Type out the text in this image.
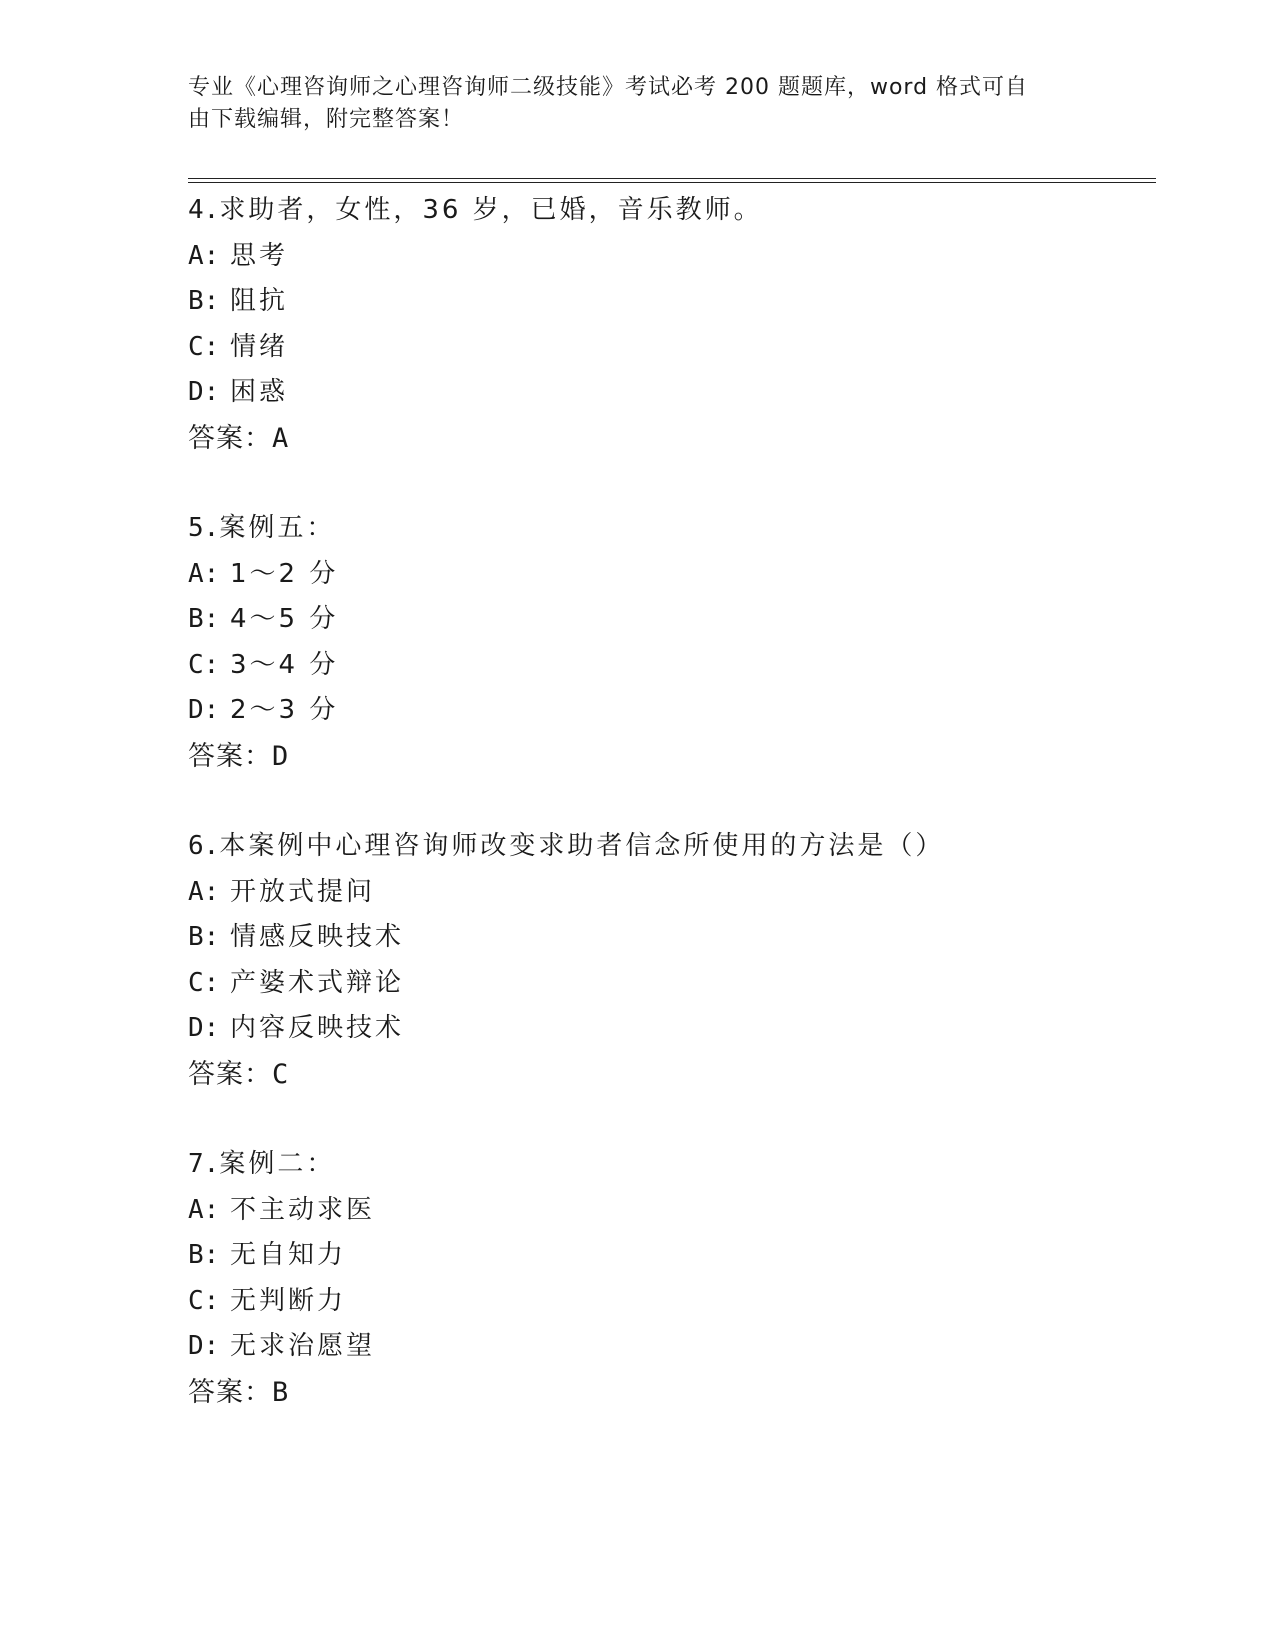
专业《心理咨询师之心理咨询师二级技能》考试必考 200 题题库，word 格式可自
由下载编辑，附完整答案！
4.求助者，女性，36 岁，已婚，音乐教师。
A: 思考
B: 阻抗
C: 情绪
D: 困惑
答案：A
5.案例五：
A: 1～2 分
B: 4～5 分
C: 3～4 分
D: 2～3 分
答案：D
6.本案例中心理咨询师改变求助者信念所使用的方法是（）
A: 开放式提问
B: 情感反映技术
C: 产婆术式辩论
D: 内容反映技术
答案：C
7.案例二：
A: 不主动求医
B: 无自知力
C: 无判断力
D: 无求治愿望
答案：B
